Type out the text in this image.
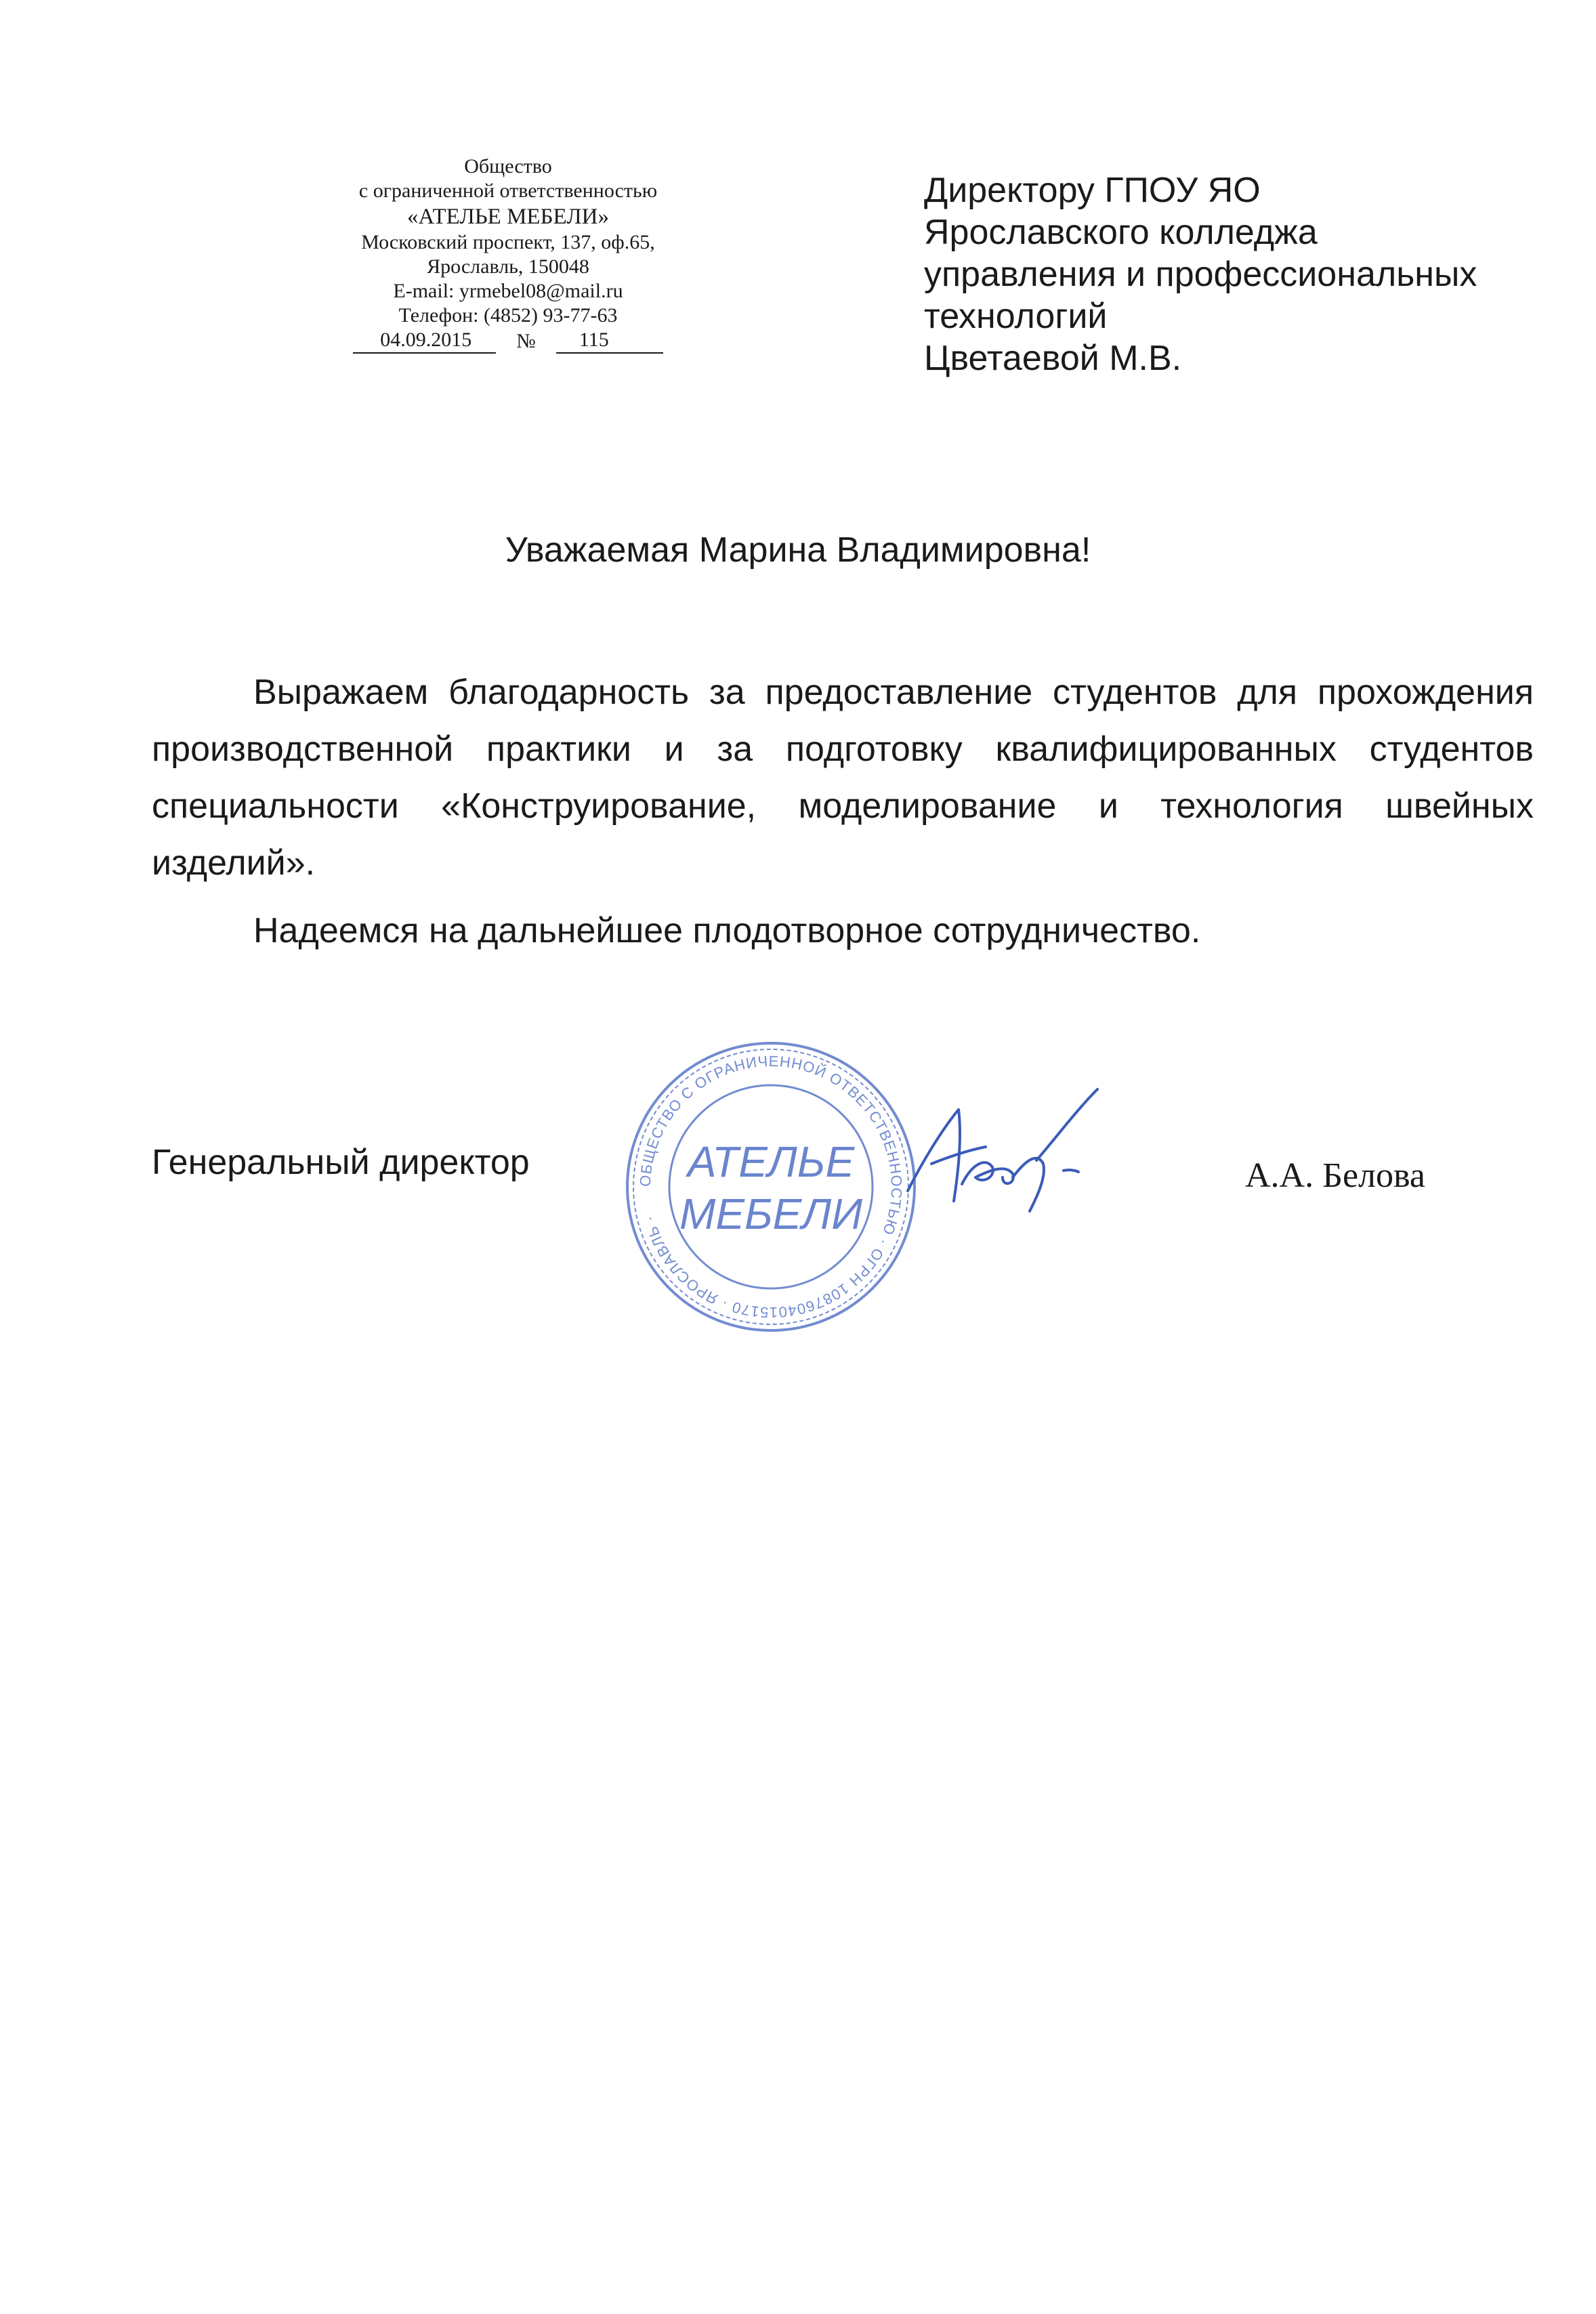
Общество
с ограниченной ответственностью
«АТЕЛЬЕ МЕБЕЛИ»
Московский проспект, 137, оф.65,
Ярославль, 150048
E-mail: yrmebel08@mail.ru
Телефон: (4852) 93-77-63
04.09.2015	№	115
Директору ГПОУ ЯО
Ярославского колледжа
управления и профессиональных
технологий
Цветаевой М.В.
Уважаемая Марина Владимировна!

Выражаем благодарность за предоставление студентов для прохождения производственной практики и за подготовку квалифицированных студентов специальности «Конструирование, моделирование и технология швейных изделий».

Надеемся на дальнейшее плодотворное сотрудничество.

Генеральный директор	А.А. Белова
ОБЩЕСТВО С ОГРАНИЧЕННОЙ ОТВЕТСТВЕННОСТЬЮ · ОГРН 1087604015170 · ЯРОСЛАВЛЬ ·
АТЕЛЬЕ
МЕБЕЛИ
